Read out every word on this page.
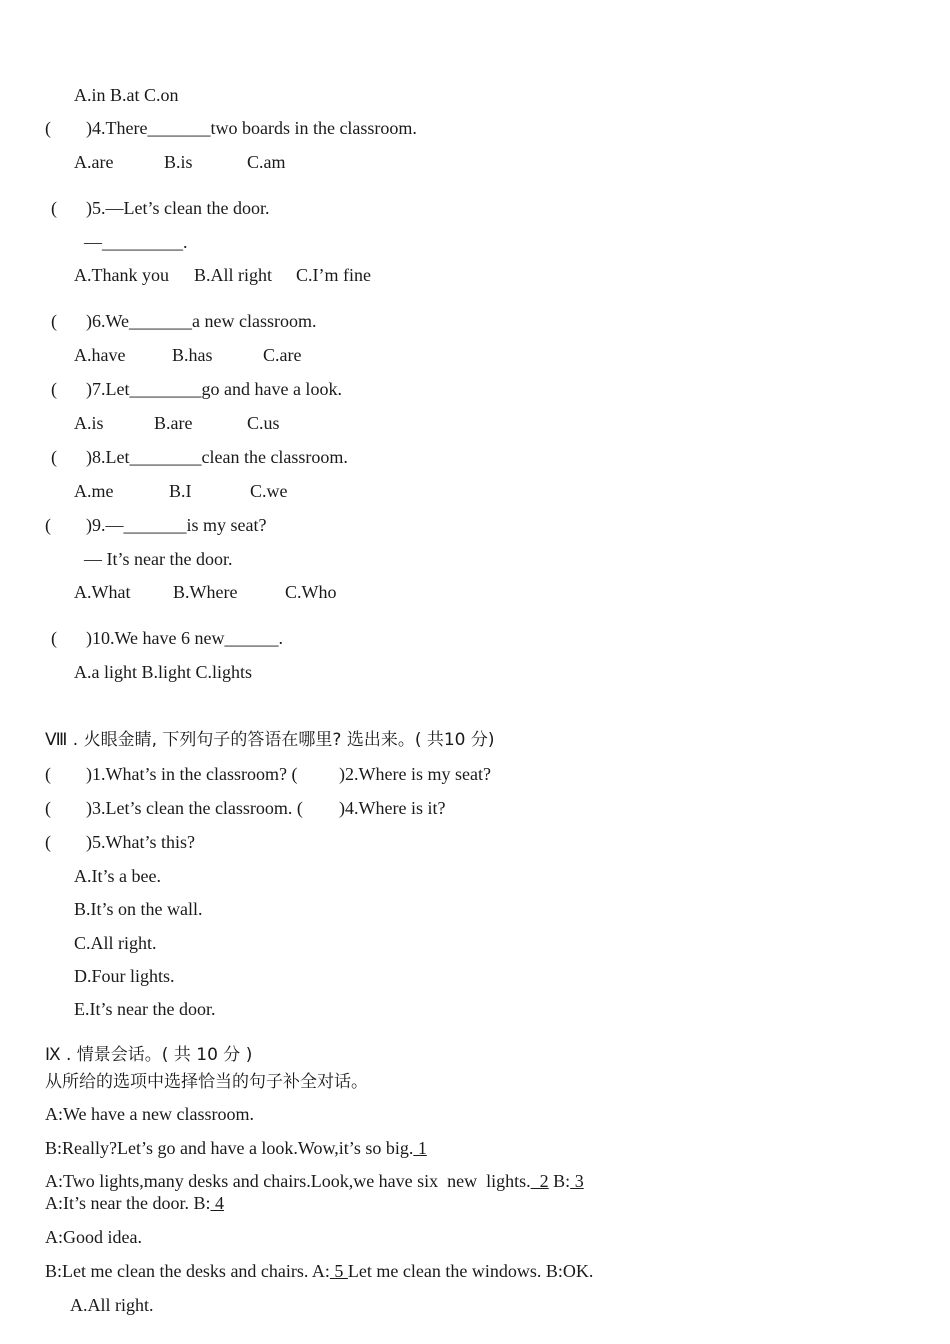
A.in B.at C.on
( )4.There_______two boards in the classroom.
A.are	B.is	C.am
( )5.—Let’s clean the door.
—_________.
A.Thank you B.All right C.I’m fine
( )6.We_______a new classroom.
A.have	B.has	C.are
( )7.Let________go and have a look.
A.is	B.are	C.us
( )8.Let________clean the classroom.
A.me	B.I	C.we
( )9.—_______is my seat?
— It’s near the door.
A.What B.Where	C.Who
( )10.We have 6 new______.
A.a light B.light C.lights
Ⅷ . 火眼金睛, 下列句子的答语在哪里? 选出来。( 共10 分)
( )1.What’s in the classroom? ( )2.Where is my seat?
( )3.Let’s clean the classroom. ( )4.Where is it?
( )5.What’s this?
A.It’s a bee.
B.It’s on the wall.
C.All right.
D.Four lights.
E.It’s near the door.
Ⅸ . 情景会话。( 共 10 分 )
从所给的选项中选择恰当的句子补全对话。
A:We have a new classroom.
B:Really?Let’s go and have a look.Wow,it’s so big. 1
A:Two lights,many desks and chairs.Look,we have six  new  lights.  2 B: 3
A:It’s near the door. B: 4
A:Good idea.
B:Let me clean the desks and chairs. A: 5 Let me clean the windows. B:OK.
A.All right.
